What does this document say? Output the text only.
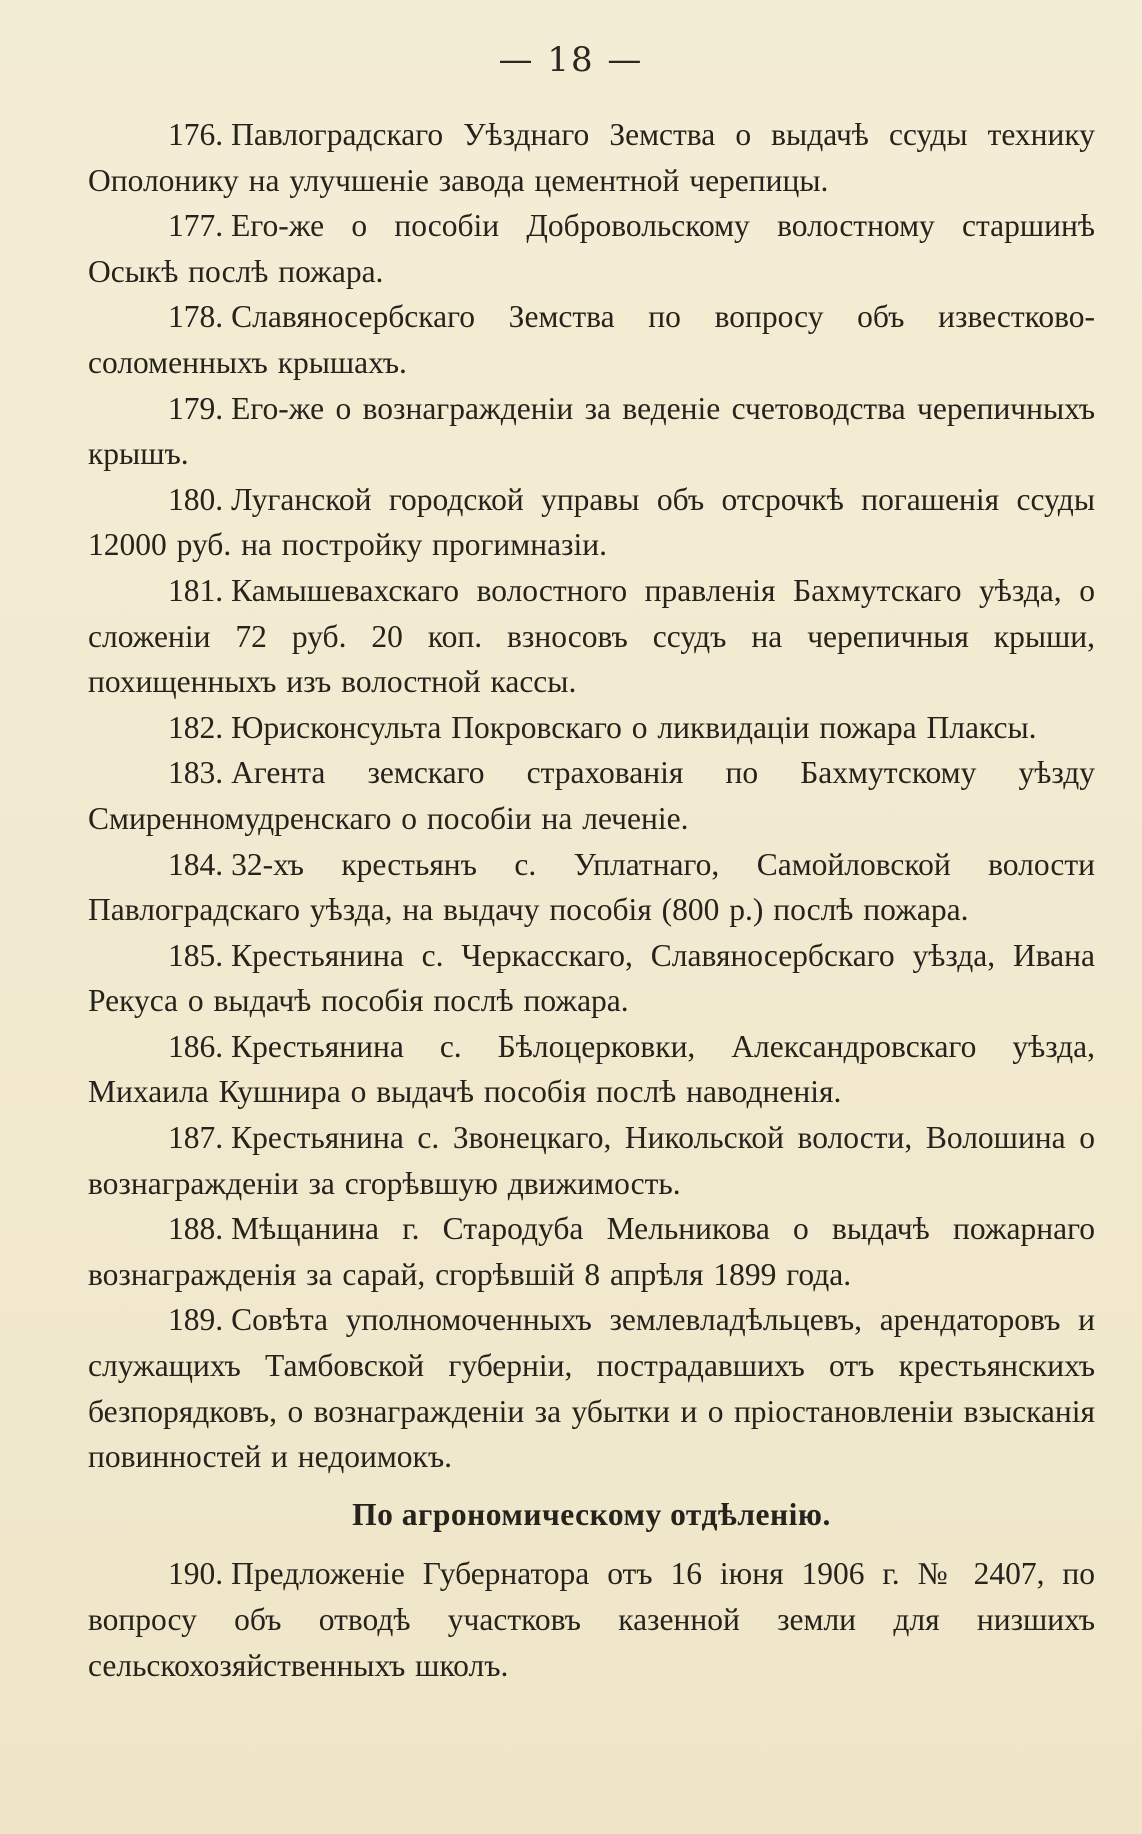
— 18 —

176. Павлоградскаго Уѣзднаго Земства о выдачѣ ссуды технику Ополонику на улучшеніе завода цементной черепицы.

177. Его-же о пособіи Добровольскому волостному старшинѣ Осыкѣ послѣ пожара.

178. Славяносербскаго Земства по вопросу объ известково-соломенныхъ крышахъ.

179. Его-же о вознагражденіи за веденіе счетоводства черепичныхъ крышъ.

180. Луганской городской управы объ отсрочкѣ погашенія ссуды 12000 руб. на постройку прогимназіи.

181. Камышевахскаго волостного правленія Бахмутскаго уѣзда, о сложеніи 72 руб. 20 коп. взносовъ ссудъ на черепичныя крыши, похищенныхъ изъ волостной кассы.

182. Юрисконсульта Покровскаго о ликвидаціи пожара Плаксы.

183. Агента земскаго страхованія по Бахмутскому уѣзду Смиренномудренскаго о пособіи на леченіе.

184. 32-хъ крестьянъ с. Уплатнаго, Самойловской волости Павлоградскаго уѣзда, на выдачу пособія (800 р.) послѣ пожара.

185. Крестьянина с. Черкасскаго, Славяносербскаго уѣзда, Ивана Рекуса о выдачѣ пособія послѣ пожара.

186. Крестьянина с. Бѣлоцерковки, Александровскаго уѣзда, Михаила Кушнира о выдачѣ пособія послѣ наводненія.

187. Крестьянина с. Звонецкаго, Никольской волости, Волошина о вознагражденіи за сгорѣвшую движимость.

188. Мѣщанина г. Стародуба Мельникова о выдачѣ пожарнаго вознагражденія за сарай, сгорѣвшій 8 апрѣля 1899 года.

189. Совѣта уполномоченныхъ землевладѣльцевъ, арендаторовъ и служащихъ Тамбовской губерніи, пострадавшихъ отъ крестьянскихъ безпорядковъ, о вознагражденіи за убытки и о пріостановленіи взысканія повинностей и недоимокъ.

По агрономическому отдѣленію.

190. Предложеніе Губернатора отъ 16 іюня 1906 г. № 2407, по вопросу объ отводѣ участковъ казенной земли для низшихъ сельскохозяйственныхъ школъ.
